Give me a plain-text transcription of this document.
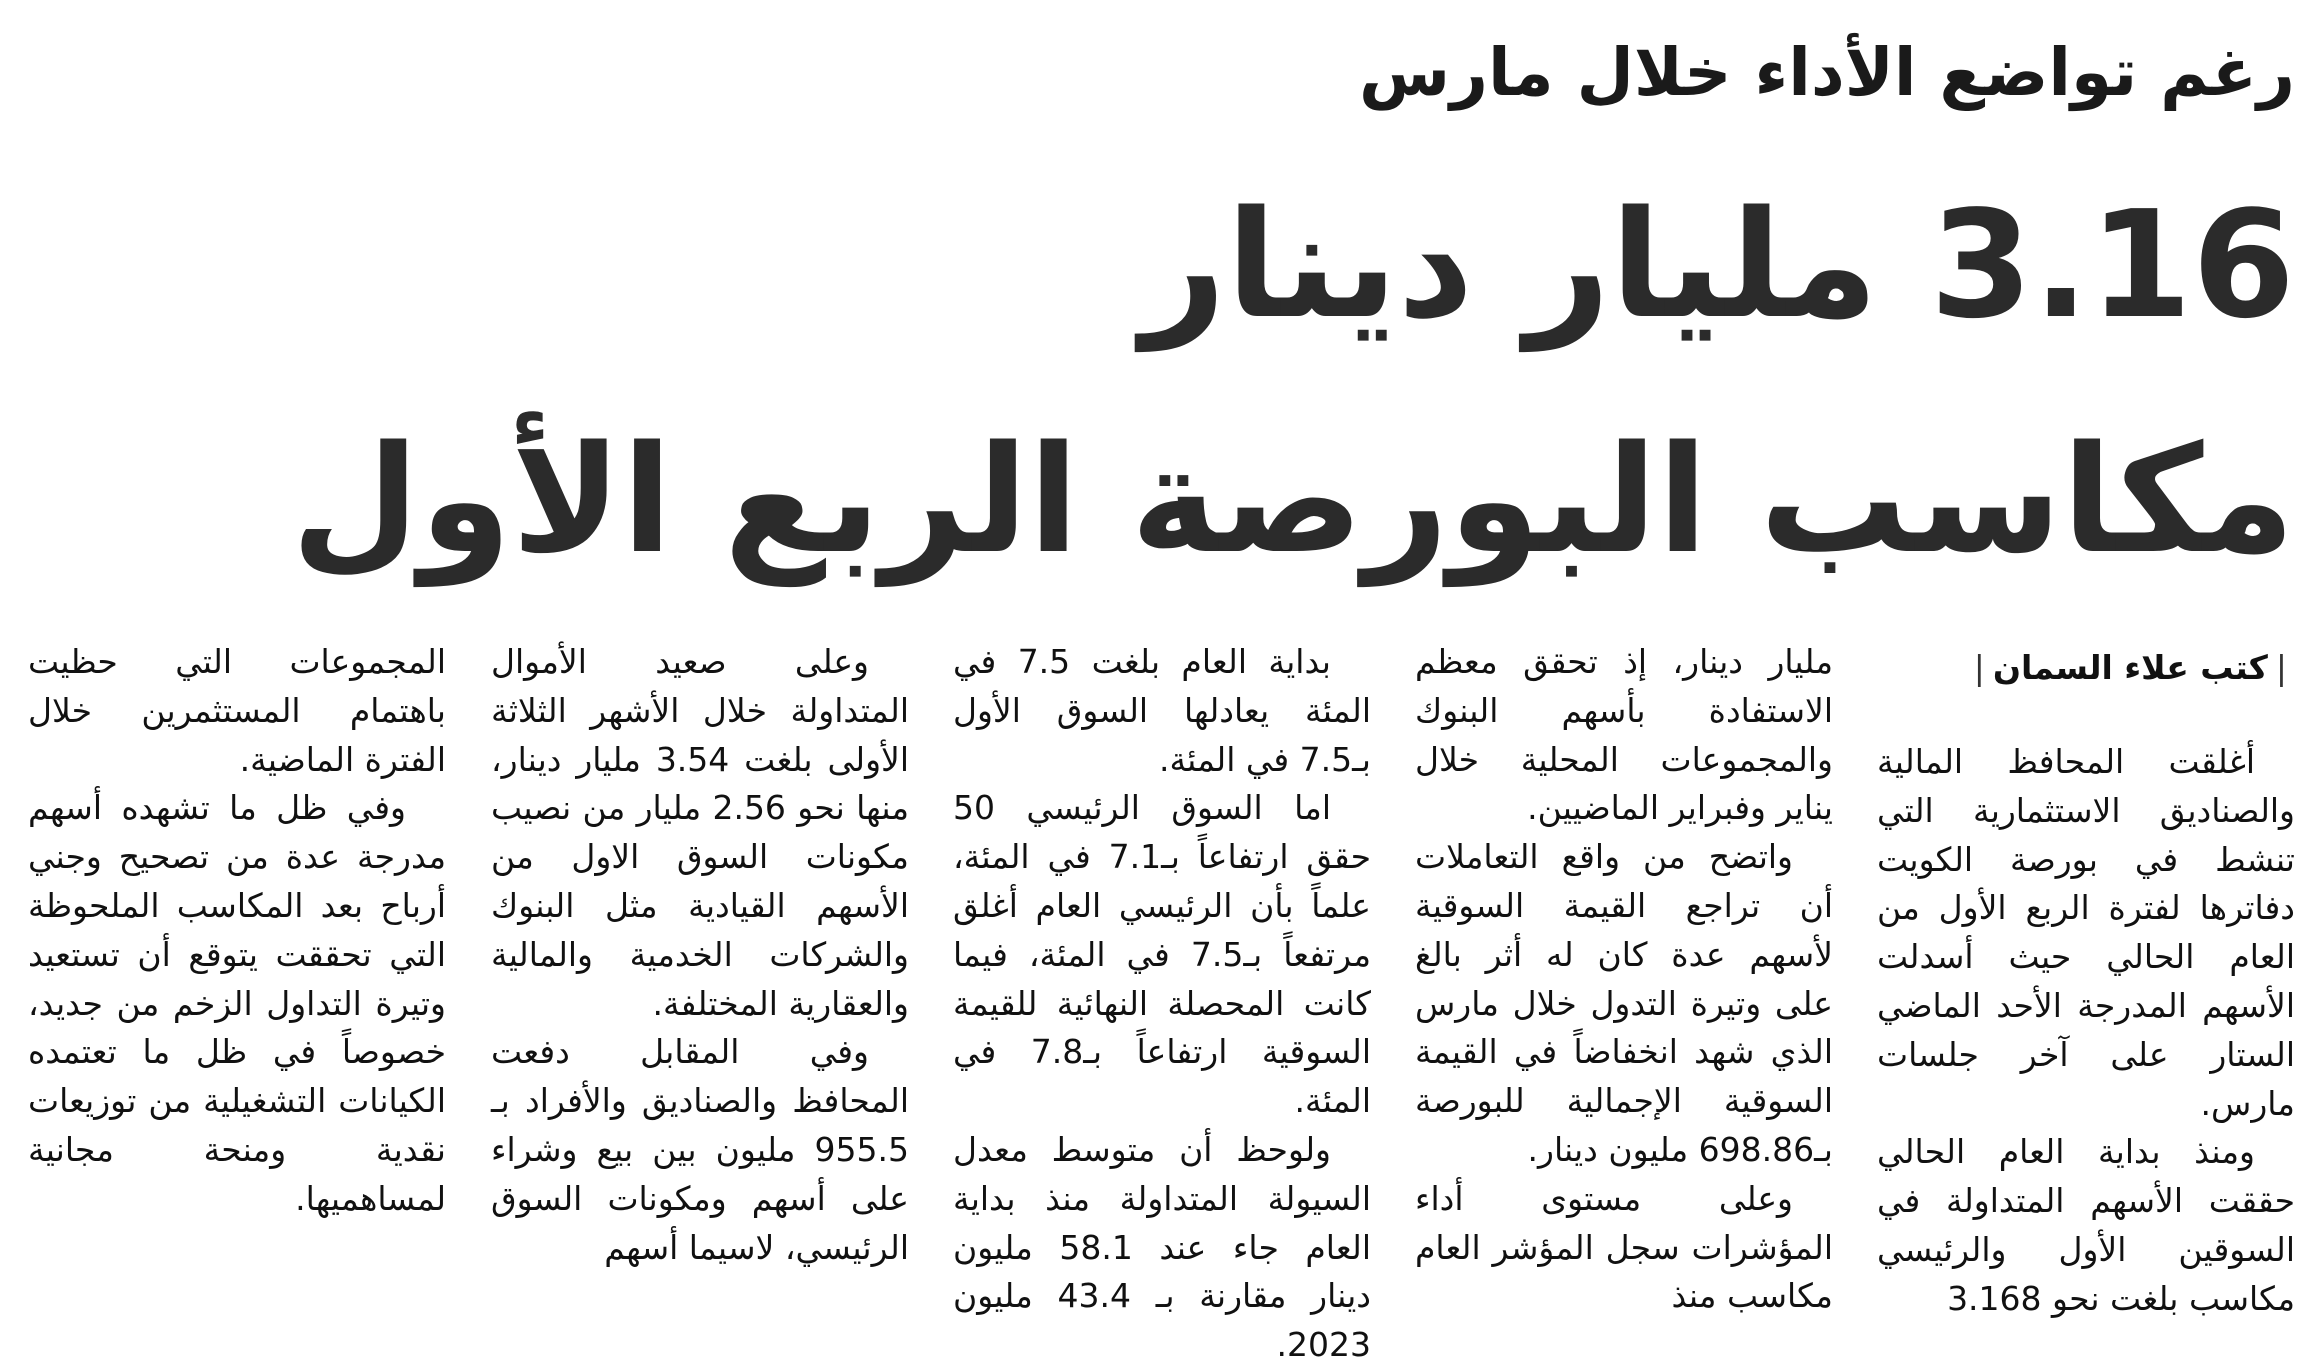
رغم تواضع الأداء خلال مارس
3.16 مليار دينار
مكاسب البورصة الربع الأول
|كتب علاء السمان|

أغلقت المحافظ المالية والصناديق الاستثمارية التي تنشط في بورصة الكويت دفاترها لفترة الربع الأول من العام الحالي حيث أسدلت الأسهم المدرجة الأحد الماضي الستار على آخر جلسات مارس.

ومنذ بداية العام الحالي حققت الأسهم المتداولة في السوقين الأول والرئيسي مكاسب بلغت نحو 3.168

مليار دينار، إذ تحقق معظم الاستفادة بأسهم البنوك والمجموعات المحلية خلال يناير وفبراير الماضيين.

واتضح من واقع التعاملات أن تراجع القيمة السوقية لأسهم عدة كان له أثر بالغ على وتيرة التدول خلال مارس الذي شهد انخفاضاً في القيمة السوقية الإجمالية للبورصة بـ698.86 مليون دينار.

وعلى مستوى أداء المؤشرات سجل المؤشر العام مكاسب منذ

بداية العام بلغت 7.5 في المئة يعادلها السوق الأول بـ7.5 في المئة.

اما السوق الرئيسي 50 حقق ارتفاعاً بـ7.1 في المئة، علماً بأن الرئيسي العام أغلق مرتفعاً بـ7.5 في المئة، فيما كانت المحصلة النهائية للقيمة السوقية ارتفاعاً بـ7.8 في المئة.

ولوحظ أن متوسط معدل السيولة المتداولة منذ بداية العام جاء عند 58.1 مليون دينار مقارنة بـ 43.4 مليون 2023.

وعلى صعيد الأموال المتداولة خلال الأشهر الثلاثة الأولى بلغت 3.54 مليار دينار، منها نحو 2.56 مليار من نصيب مكونات السوق الاول من الأسهم القيادية مثل البنوك والشركات الخدمية والمالية والعقارية المختلفة.

وفي المقابل دفعت المحافظ والصناديق والأفراد بـ 955.5 مليون بين بيع وشراء على أسهم ومكونات السوق الرئيسي، لاسيما أسهم

المجموعات التي حظيت باهتمام المستثمرين خلال الفترة الماضية.

وفي ظل ما تشهده أسهم مدرجة عدة من تصحيح وجني أرباح بعد المكاسب الملحوظة التي تحققت يتوقع أن تستعيد وتيرة التداول الزخم من جديد، خصوصاً في ظل ما تعتمده الكيانات التشغيلية من توزيعات نقدية ومنحة مجانية لمساهميها.
